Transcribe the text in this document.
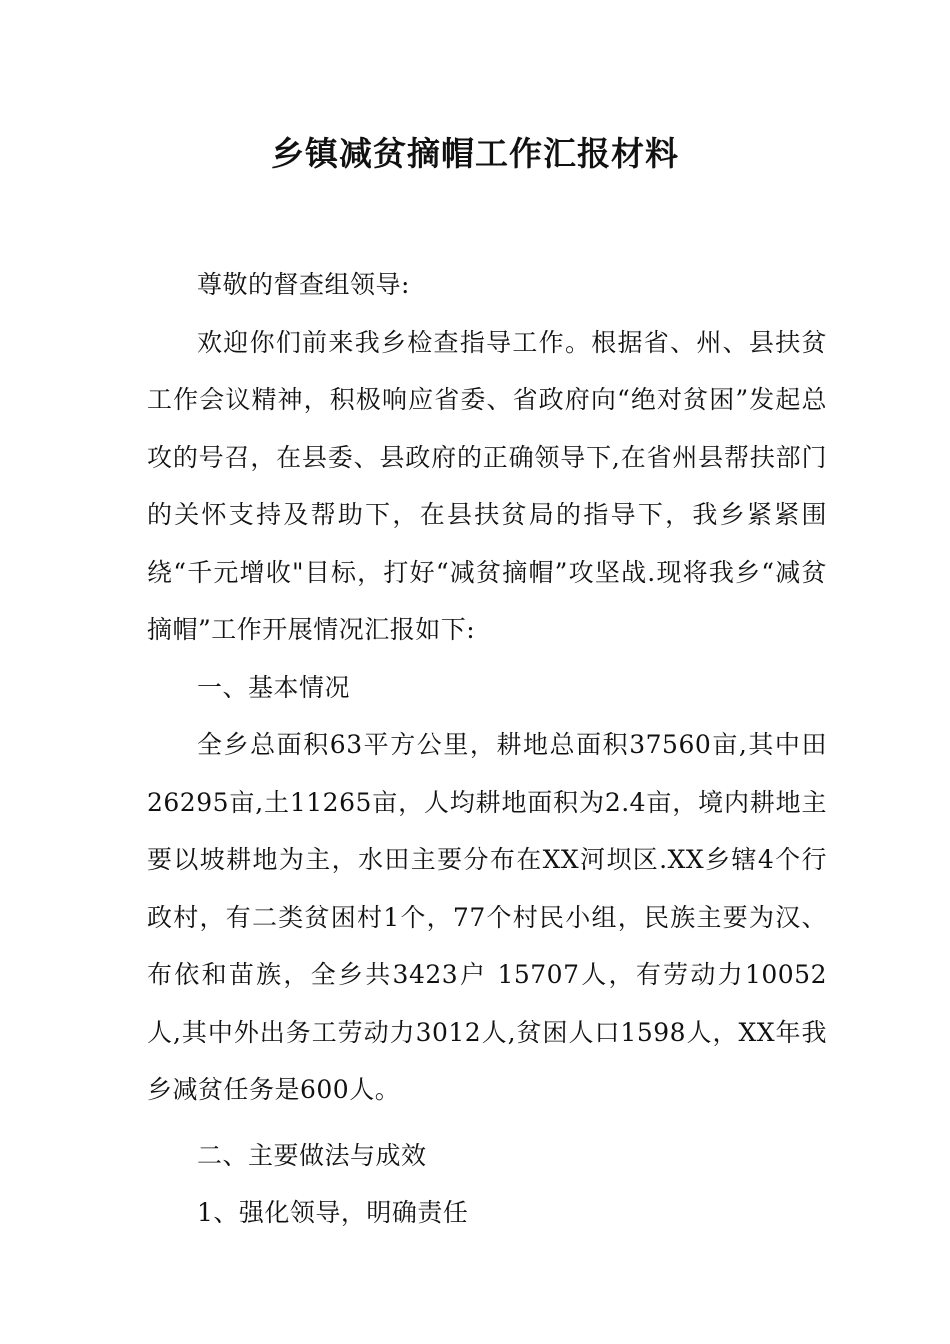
乡镇减贫摘帽工作汇报材料

尊敬的督查组领导:

欢迎你们前来我乡检查指导工作。根据省、州、县扶贫工作会议精神，积极响应省委、省政府向“绝对贫困”发起总攻的号召，在县委、县政府的正确领导下,在省州县帮扶部门的关怀支持及帮助下，在县扶贫局的指导下，我乡紧紧围绕“千元增收"目标，打好“减贫摘帽”攻坚战.现将我乡“减贫摘帽”工作开展情况汇报如下:

一、基本情况

全乡总面积63平方公里，耕地总面积37560亩,其中田26295亩,土11265亩，人均耕地面积为2.4亩，境内耕地主要以坡耕地为主，水田主要分布在XX河坝区.XX乡辖4个行政村，有二类贫困村1个，77个村民小组，民族主要为汉、布依和苗族，全乡共3423户 15707人，有劳动力10052人,其中外出务工劳动力3012人,贫困人口1598人，XX年我乡减贫任务是600人。

二、主要做法与成效

1、强化领导，明确责任
